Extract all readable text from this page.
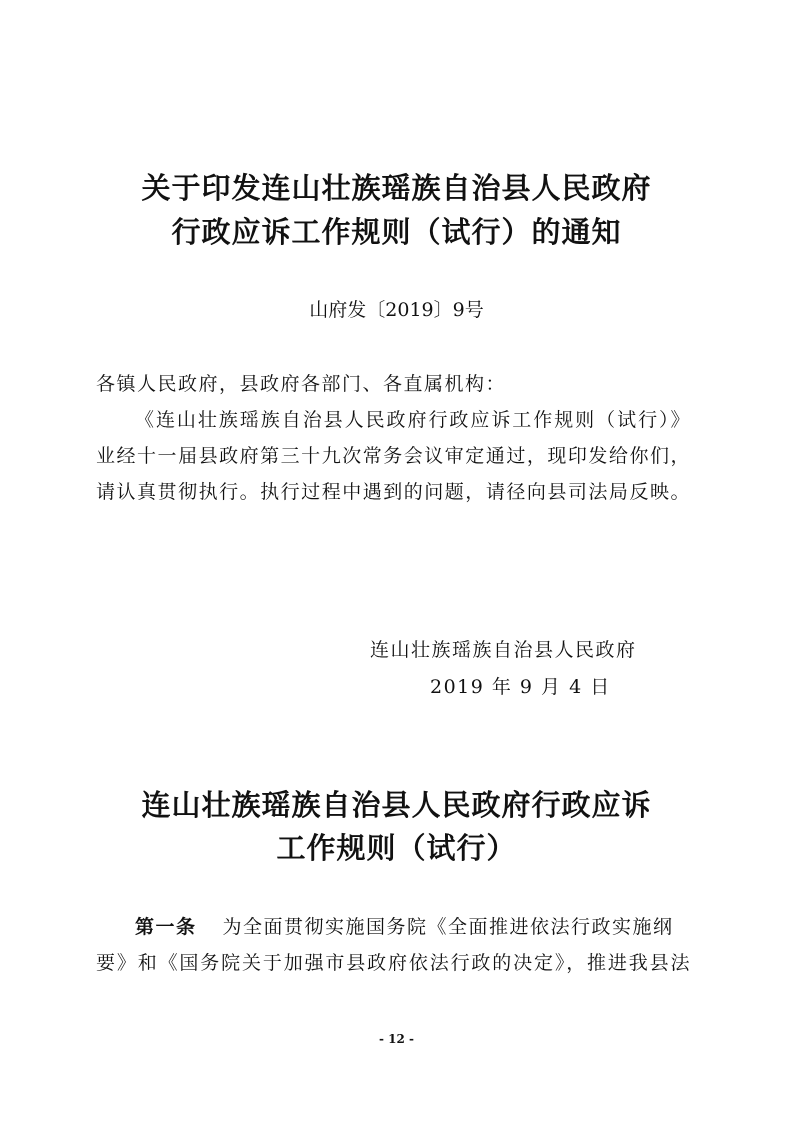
关于印发连山壮族瑶族自治县人民政府
行政应诉工作规则（试行）的通知
山府发〔2019〕9号
各镇人民政府，县政府各部门、各直属机构：
《连山壮族瑶族自治县人民政府行政应诉工作规则（试行）》
业经十一届县政府第三十九次常务会议审定通过，现印发给你们，
请认真贯彻执行。执行过程中遇到的问题，请径向县司法局反映。
连山壮族瑶族自治县人民政府
2019 年 9 月 4 日
连山壮族瑶族自治县人民政府行政应诉
工作规则（试行）
第一条 为全面贯彻实施国务院《全面推进依法行政实施纲
要》和《国务院关于加强市县政府依法行政的决定》，推进我县法
- 12 -
